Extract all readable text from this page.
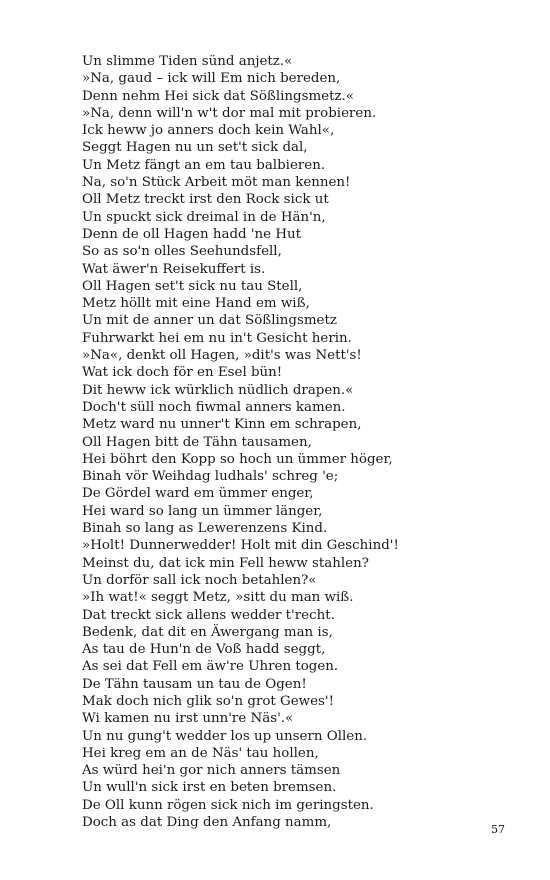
Un slimme Tiden sünd anjetz.«
»Na, gaud – ick will Em nich bereden,
Denn nehm Hei sick dat Sößlingsmetz.«
»Na, denn will'n w't dor mal mit probieren.
Ick heww jo anners doch kein Wahl«,
Seggt Hagen nu un set't sick dal,
Un Metz fängt an em tau balbieren.
Na, so'n Stück Arbeit möt man kennen!
Oll Metz treckt irst den Rock sick ut
Un spuckt sick dreimal in de Hän'n,
Denn de oll Hagen hadd 'ne Hut
So as so'n olles Seehundsfell,
Wat äwer'n Reisekuffert is.
Oll Hagen set't sick nu tau Stell,
Metz höllt mit eine Hand em wiß,
Un mit de anner un dat Sößlingsmetz
Fuhrwarkt hei em nu in't Gesicht herin.
»Na«, denkt oll Hagen, »dit's was Nett's!
Wat ick doch för en Esel bün!
Dit heww ick würklich nüdlich drapen.«
Doch't süll noch fiwmal anners kamen.
Metz ward nu unner't Kinn em schrapen,
Oll Hagen bitt de Tähn tausamen,
Hei böhrt den Kopp so hoch un ümmer höger,
Binah vör Weihdag ludhals' schreg 'e;
De Gördel ward em ümmer enger,
Hei ward so lang un ümmer länger,
Binah so lang as Lewerenzens Kind.
»Holt! Dunnerwedder! Holt mit din Geschind'!
Meinst du, dat ick min Fell heww stahlen?
Un dorför sall ick noch betahlen?«
»Ih wat!« seggt Metz, »sitt du man wiß.
Dat treckt sick allens wedder t'recht.
Bedenk, dat dit en Äwergang man is,
As tau de Hun'n de Voß hadd seggt,
As sei dat Fell em äw're Uhren togen.
De Tähn tausam un tau de Ogen!
Mak doch nich glik so'n grot Gewes'!
Wi kamen nu irst unn're Näs'.«
Un nu gung't wedder los up unsern Ollen.
Hei kreg em an de Näs' tau hollen,
As würd hei'n gor nich anners tämsen
Un wull'n sick irst en beten bremsen.
De Oll kunn rögen sick nich im geringsten.
Doch as dat Ding den Anfang namm,	57
